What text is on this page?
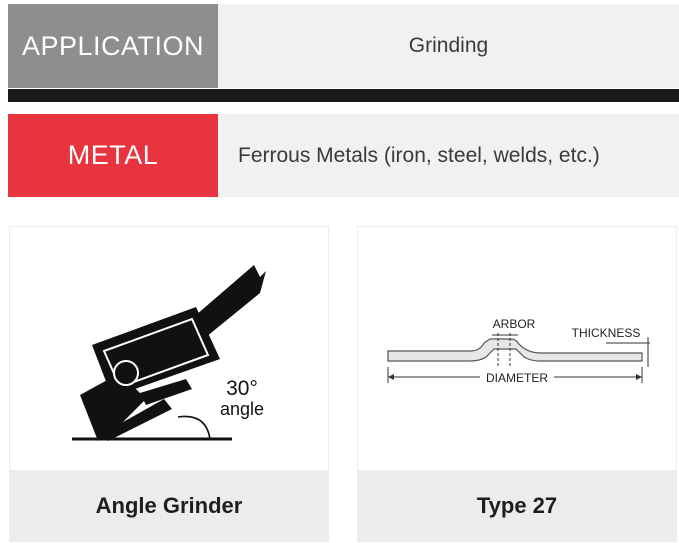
APPLICATION	Grinding
METAL	Ferrous Metals (iron, steel, welds, etc.)
30°
angle
Angle Grinder
ARBOR
THICKNESS
DIAMETER
Type 27
